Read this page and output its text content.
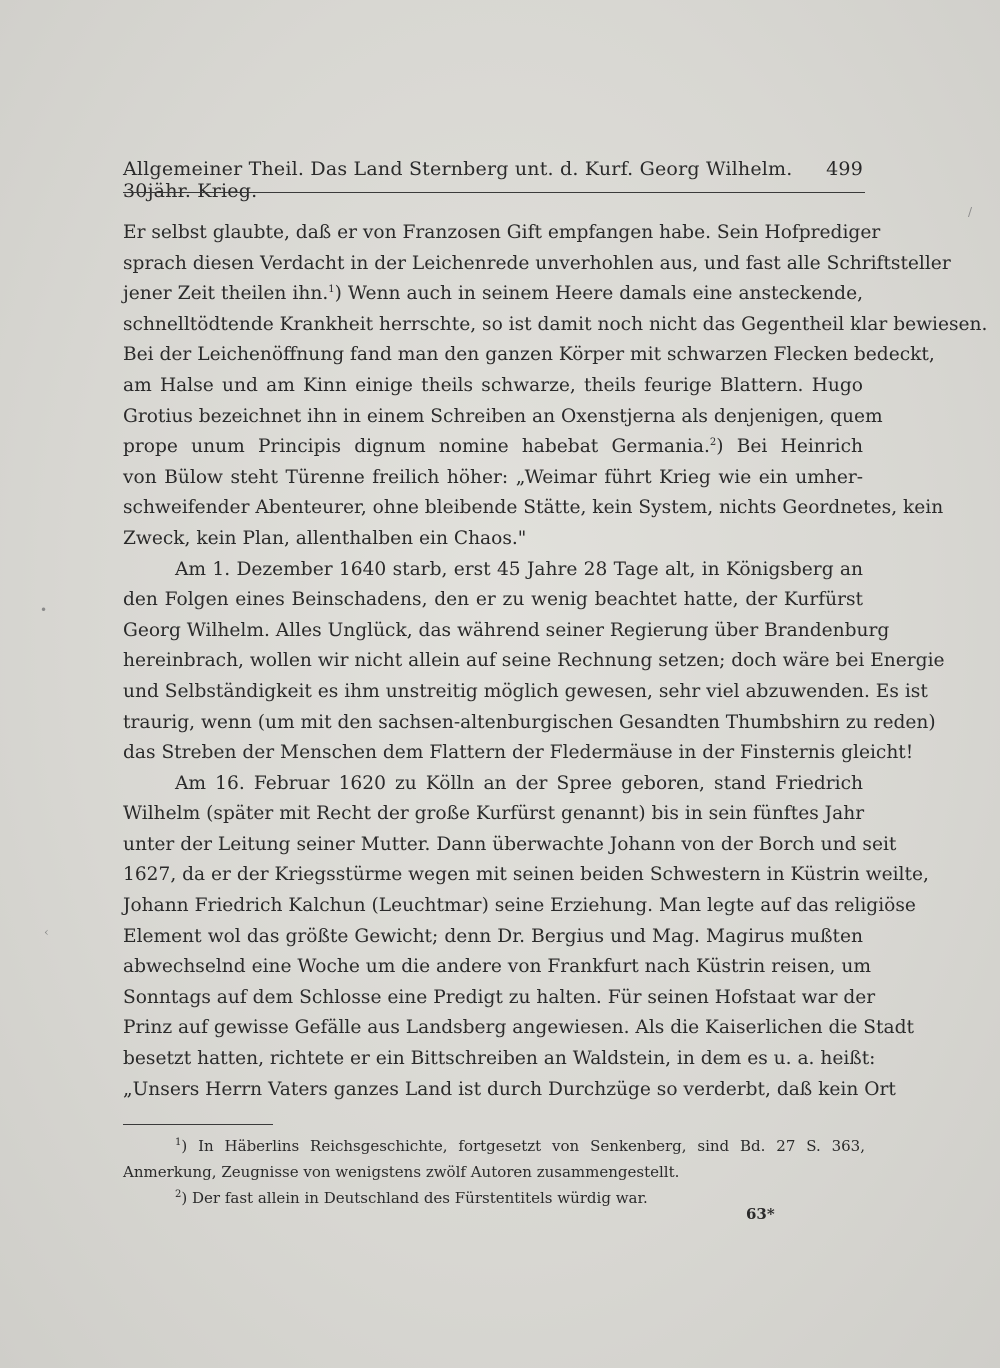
Allgemeiner Theil. Das Land Sternberg unt. d. Kurf. Georg Wilhelm. 30jähr. Krieg.
499
Er selbst glaubte, daß er von Franzosen Gift empfangen habe. Sein Hofprediger
sprach diesen Verdacht in der Leichenrede unverhohlen aus, und fast alle Schriftsteller
jener Zeit theilen ihn.$^1$) Wenn auch in seinem Heere damals eine ansteckende,
schnelltödtende Krankheit herrschte, so ist damit noch nicht das Gegentheil klar bewiesen.
Bei der Leichenöffnung fand man den ganzen Körper mit schwarzen Flecken bedeckt,
am Halse und am Kinn einige theils schwarze, theils feurige Blattern. Hugo
Grotius bezeichnet ihn in einem Schreiben an Oxenstjerna als denjenigen, quem
prope unum Principis dignum nomine habebat Germania.$^2$) Bei Heinrich
von Bülow steht Türenne freilich höher: „Weimar führt Krieg wie ein umher-
schweifender Abenteurer, ohne bleibende Stätte, kein System, nichts Geordnetes, kein
Zweck, kein Plan, allenthalben ein Chaos."
Am 1. Dezember 1640 starb, erst 45 Jahre 28 Tage alt, in Königsberg an
den Folgen eines Beinschadens, den er zu wenig beachtet hatte, der Kurfürst
Georg Wilhelm. Alles Unglück, das während seiner Regierung über Brandenburg
hereinbrach, wollen wir nicht allein auf seine Rechnung setzen; doch wäre bei Energie
und Selbständigkeit es ihm unstreitig möglich gewesen, sehr viel abzuwenden. Es ist
traurig, wenn (um mit den sachsen-altenburgischen Gesandten Thumbshirn zu reden)
das Streben der Menschen dem Flattern der Fledermäuse in der Finsternis gleicht!
Am 16. Februar 1620 zu Kölln an der Spree geboren, stand Friedrich
Wilhelm (später mit Recht der große Kurfürst genannt) bis in sein fünftes Jahr
unter der Leitung seiner Mutter. Dann überwachte Johann von der Borch und seit
1627, da er der Kriegsstürme wegen mit seinen beiden Schwestern in Küstrin weilte,
Johann Friedrich Kalchun (Leuchtmar) seine Erziehung. Man legte auf das religiöse
Element wol das größte Gewicht; denn Dr. Bergius und Mag. Magirus mußten
abwechselnd eine Woche um die andere von Frankfurt nach Küstrin reisen, um
Sonntags auf dem Schlosse eine Predigt zu halten. Für seinen Hofstaat war der
Prinz auf gewisse Gefälle aus Landsberg angewiesen. Als die Kaiserlichen die Stadt
besetzt hatten, richtete er ein Bittschreiben an Waldstein, in dem es u. a. heißt:
„Unsers Herrn Vaters ganzes Land ist durch Durchzüge so verderbt, daß kein Ort
$^1$) In Häberlins Reichsgeschichte, fortgesetzt von Senkenberg, sind Bd. 27 S. 363,
Anmerkung, Zeugnisse von wenigstens zwölf Autoren zusammengestellt.
$^2$) Der fast allein in Deutschland des Fürstentitels würdig war.
63*
/
•
‹
